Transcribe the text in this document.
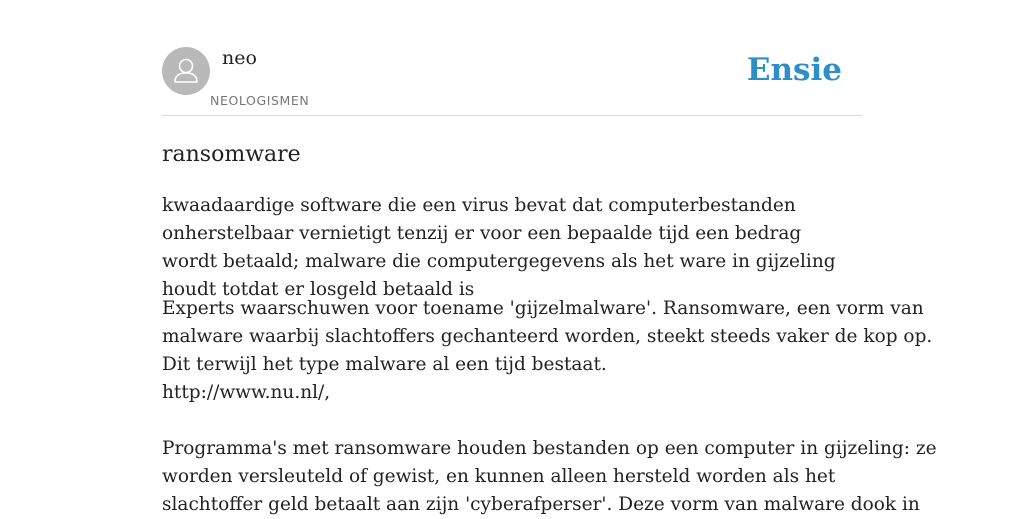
neo
NEOLOGISMEN
Ensie
ransomware

kwaadaardige software die een virus bevat dat computerbestanden onherstelbaar vernietigt tenzij er voor een bepaalde tijd een bedrag wordt betaald; malware die computergegevens als het ware in gijzeling houdt totdat er losgeld betaald is

Experts waarschuwen voor toename 'gijzelmalware'. Ransomware, een vorm van
malware waarbij slachtoffers gechanteerd worden, steekt steeds vaker de kop op.
Dit terwijl het type malware al een tijd bestaat.
http://www.nu.nl/,
Programma's met ransomware houden bestanden op een computer in gijzeling: ze
worden versleuteld of gewist, en kunnen alleen hersteld worden als het
slachtoffer geld betaalt aan zijn 'cyberafperser'. Deze vorm van malware dook in
